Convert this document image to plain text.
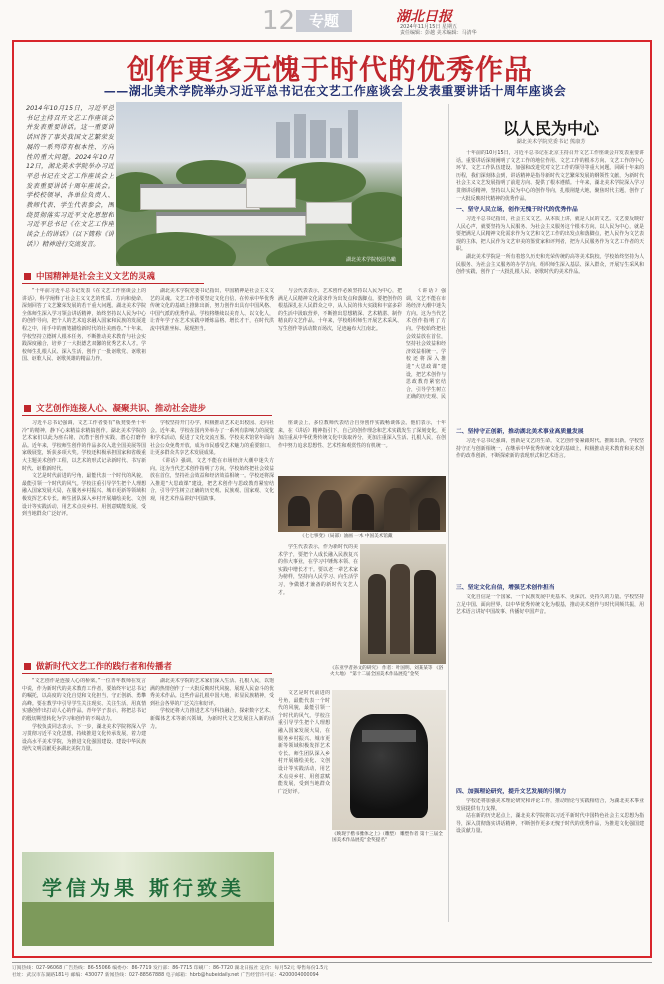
12 专题	湖北日报
2024年11月15日 星期五
责任编辑：彭越 美术编辑：马清华
创作更多无愧于时代的优秀作品
——湖北美术学院举办习近平总书记在文艺工作座谈会上发表重要讲话十周年座谈会
2014年10月15日，习近平总书记主持召开文艺工作座谈会并发表重要讲话。这一重要讲话回答了事关我国文艺繁荣发展的一系列带有根本性、方向性的重大问题。2024年10月12日，湖北美术学院举办习近平总书记在文艺工作座谈会上发表重要讲话十周年座谈会。学校校领导、各单位负责人、教师代表、学生代表参会，围绕贯彻落实习近平文化思想和习近平总书记《在文艺工作座谈会上的讲话》（以下简称《讲话》）精神进行交流发言。
湖北美术学院校园鸟瞰
中国精神是社会主义文艺的灵魂

“十年前习近平总书记发表《在文艺工作座谈会上的讲话》，科学阐释了社会主义文艺的性质、方向和使命，深刻回答了文艺繁荣发展的若干重大问题。湖北美术学院全体师生深入学习领会讲话精神，始终坚持以人民为中心的创作导向，把个人的艺术追求融入国家和民族的发展进程之中，用手中的画笔描绘新时代的壮美画卷。”十年来，学校坚持立德树人根本任务，不断推动美术教育与社会实践深度融合，培养了一大批德艺双馨的优秀艺术人才。学校师生扎根人民、深入生活，创作了一批讴歌党、讴歌祖国、讴歌人民、讴歌英雄的精品力作。

湖北美术学院党委书记指出，中国精神是社会主义文艺的灵魂。文艺工作者要坚定文化自信，在传承中华优秀传统文化的基础上推陈出新，努力创作出具有中国风格、中国气派的优秀作品。学校将继续以美育人、以文化人，让青年学子在艺术实践中锤炼品格、增长才干，在时代洪流中找准坐标、展现担当。

与会代表表示，艺术创作必须坚持以人民为中心，把满足人民精神文化需求作为出发点和落脚点。要把创作的根基深扎在人民群众之中，从人民的伟大实践和丰富多彩的生活中汲取营养，不断推出思想精深、艺术精湛、制作精良的文艺作品。十年来，学校组织师生开展艺术采风、写生创作等活动数百场次，足迹遍布大江南北。

《讲话》强调，文艺不能在市场经济大潮中迷失方向。这为当代艺术创作指明了方向。学校始终把社会效益放在首位，坚持社会效益和经济效益相统一。学校还将深入推进“大思政课”建设，把艺术创作与思政教育紧密结合，引导学生树立正确的历史观、民

文艺创作连接人心、凝聚共识、推动社会进步

习近平总书记强调，文艺工作者要有“板凳要坐十年冷”的精神，静下心来精益求精搞创作。湖北美术学院的艺术家们以此为座右铭，沉潜于创作实践，潜心打磨作品。近年来，学校师生创作的作品多次入选全国美展等国家级展览，斩获多项大奖。学校还积极承担国家和省级重大主题美术创作工程，以艺术的形式记录新时代、书写新时代、讴歌新时代。

文艺是时代前进的号角，最能代表一个时代的风貌，最能引领一个时代的风气。学校注重引导学生把个人理想融入国家发展大局，在服务乡村振兴、城市更新等领域积极发挥艺术专长。师生团队深入乡村开展墙绘美化、文创设计等实践活动，用艺术点亮乡村、用创意赋能发展，受到当地群众广泛好评。

学校坚持开门办学，积极推动艺术走出校园、走向社会。近年来，学校在国内外举办了一系列有影响力的展览和学术活动，促进了文化交流互鉴。学校美术馆常年面向社会公众免费开放，成为市民感受艺术魅力的重要窗口，让更多群众共享艺术发展成果。

《讲话》强调，文艺不能在市场经济大潮中迷失方向。这为当代艺术创作指明了方向。学校始终把社会效益放在首位，坚持社会效益和经济效益相统一。学校还将深入推进“大思政课”建设，把艺术创作与思政教育紧密结合，引导学生树立正确的历史观、民族观、国家观、文化观，用艺术作品讲好中国故事。

座谈会上，多位教师代表结合自身创作实践畅谈体会。他们表示，十年来，在《讲话》精神指引下，自己的创作理念和艺术实践发生了深刻变化，更加注重从中华优秀传统文化中汲取养分，更加注重深入生活、扎根人民，在创作中努力追求思想性、艺术性和观赏性的有机统一。

《七七事变》（局部）油画 一木 中国美术馆藏

学生代表表示，作为新时代的美术学子，要把个人成长融入民族复兴的伟大事业，在学习中锤炼本领、在实践中增长才干。要以老一辈艺术家为榜样，坚持向人民学习、向生活学习，争做德才兼备的新时代文艺人才。

《东亚学者孙文的研究》 作者：叶国明、刘某某等 《浴火大地》 “第十二届全国美术作品展览”金奖
做新时代文艺工作的践行者和传播者

“文艺创作是连接人心的桥梁。”一位青年教师在发言中说，作为新时代的美术教育工作者，要始终牢记总书记的嘱托，以高度的文化自觉和文化担当，守正创新、勇攀高峰。要在教学中引导学生关注现实、关注生活，用真情实感创作出打动人心的作品。青年学子表示，将把总书记的殷切期望转化为学习和创作的不竭动力。

学校负责同志表示，下一步，湖北美术学院将深入学习贯彻习近平文化思想，持续推进文化传承发展，着力建设高水平美术学院，为推进文化强国建设、建设中华民族现代文明贡献更多湖北美院力量。

湖北美术学院的艺术家们深入生活、扎根人民，以饱满的热情创作了一大批反映时代风貌、展现人民奋斗的优秀美术作品。这些作品扎根中国大地，彰显民族精神，受到社会各界的广泛关注和好评。

学校还将大力推进艺术与科技融合，探索数字艺术、新媒体艺术等新兴领域，为新时代文艺发展注入新的活力。

文艺是时代前进的号角，最能代表一个时代的风貌，最能引领一个时代的风气。学校注重引导学生把个人理想融入国家发展大局，在服务乡村振兴、城市更新等领域积极发挥艺术专长。师生团队深入乡村开展墙绘美化、文创设计等实践活动，用艺术点亮乡村、用创意赋能发展，受到当地群众广泛好评。

《映现于楷书雅体之上》（雕塑） 雕塑作者 第十三届全国美术作品展览“金奖提名”
学信为果 斯行致美
以人民为中心
湖北美术学院党委书记 熊康芳

十年前的10月15日，习近平总书记在北京主持召开文艺工作座谈会并发表重要讲话。重要讲话深刻阐明了文艺工作的地位作用、文艺工作的根本方向、文艺工作的中心环节、文艺工作队伍建设、加强和改进党对文艺工作的领导等重大问题。回顾十年来的历程，我们深刻体会到，讲话精神是指导新时代文艺繁荣发展的纲领性文献，为新时代社会主义文艺发展指明了前进方向、提供了根本遵循。十年来，湖北美术学院深入学习贯彻讲话精神，坚持以人民为中心的创作导向，扎根荆楚大地，聚焦时代主题，创作了一大批反映时代精神的优秀作品。

一、坚守人民立场，创作无愧于时代的优秀作品

习近平总书记指出，社会主义文艺，从本质上讲，就是人民的文艺。文艺要反映好人民心声，就要坚持为人民服务、为社会主义服务这个根本方向。以人民为中心，就是要把满足人民精神文化需求作为文艺和文艺工作的出发点和落脚点，把人民作为文艺表现的主体，把人民作为文艺审美的鉴赏家和评判者，把为人民服务作为文艺工作者的天职。

湖北美术学院是一所有着悠久历史和光荣传统的高等美术院校。学校始终坚持为人民服务、为社会主义服务的办学方向，组织师生深入基层、深入群众，开展写生采风和创作实践，创作了一大批扎根人民、讴歌时代的美术作品。

二、坚持守正创新，推动湖北美术事业高质量发展

习近平总书记强调，创新是文艺的生命。文艺创作要紧跟时代、推陈出新。学校坚持守正与创新相统一，在继承中华优秀传统文化的基础上，积极推动美术教育和美术创作的改革创新，不断探索新的表现形式和艺术语言。

三、坚定文化自信，增强艺术创作担当

文化自信是一个国家、一个民族发展中更基本、更深沉、更持久的力量。学校坚持立足中国、面向世界，以中华优秀传统文化为根基，推动美术创作与时代同频共振，用艺术语言讲好中国故事、传播好中国声音。

四、加强理论研究，提升文艺发展的引领力

学校还将加强美术理论研究和评论工作，推动理论与实践相结合，为湖北美术事业发展提供有力支撑。

站在新的历史起点上，湖北美术学院将以习近平新时代中国特色社会主义思想为指导，深入贯彻落实讲话精神，不断创作更多无愧于时代的优秀作品，为推进文化强国建设贡献力量。

订阅热线：027-96068 广告热线：86-55066 编委办：86-7719 发行部：86-7715 印刷厂：86-7720 湖北日报社 定价：每月52元 零售每份1.5元
社址：武汉市东湖路181号 邮编：430077 新闻热线：027-88567888 电子邮箱：hbrb@hubeidaily.net 广告经营许可证：4200004000094
